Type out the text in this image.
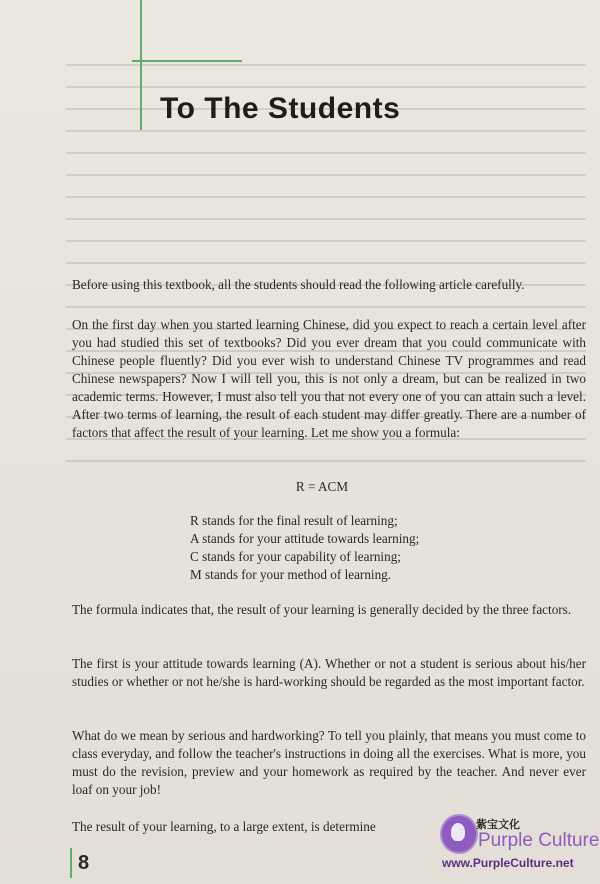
To The Students

Before using this textbook, all the students should read the following article carefully.

On the first day when you started learning Chinese, did you expect to reach a certain level after you had studied this set of textbooks? Did you ever dream that you could communicate with Chinese people fluently? Did you ever wish to understand Chinese TV programmes and read Chinese newspapers? Now I will tell you, this is not only a dream, but can be realized in two academic terms. However, I must also tell you that not every one of you can attain such a level. After two terms of learning, the result of each student may differ greatly. There are a number of factors that affect the result of your learning. Let me show you a formula:

R = ACM

R stands for the final result of learning;
A stands for your attitude towards learning;
C stands for your capability of learning;
M stands for your method of learning.

The formula indicates that, the result of your learning is generally decided by the three factors.

The first is your attitude towards learning (A). Whether or not a student is serious about his/her studies or whether or not he/she is hard-working should be regarded as the most important factor.

What do we mean by serious and hardworking? To tell you plainly, that means you must come to class everyday, and follow the teacher's instructions in doing all the exercises. What is more, you must do the revision, preview and your homework as required by the teacher. And never ever loaf on your job!

The result of your learning, to a large extent, is determine

8
紫宝文化
Purple Culture
www.PurpleCulture.net
